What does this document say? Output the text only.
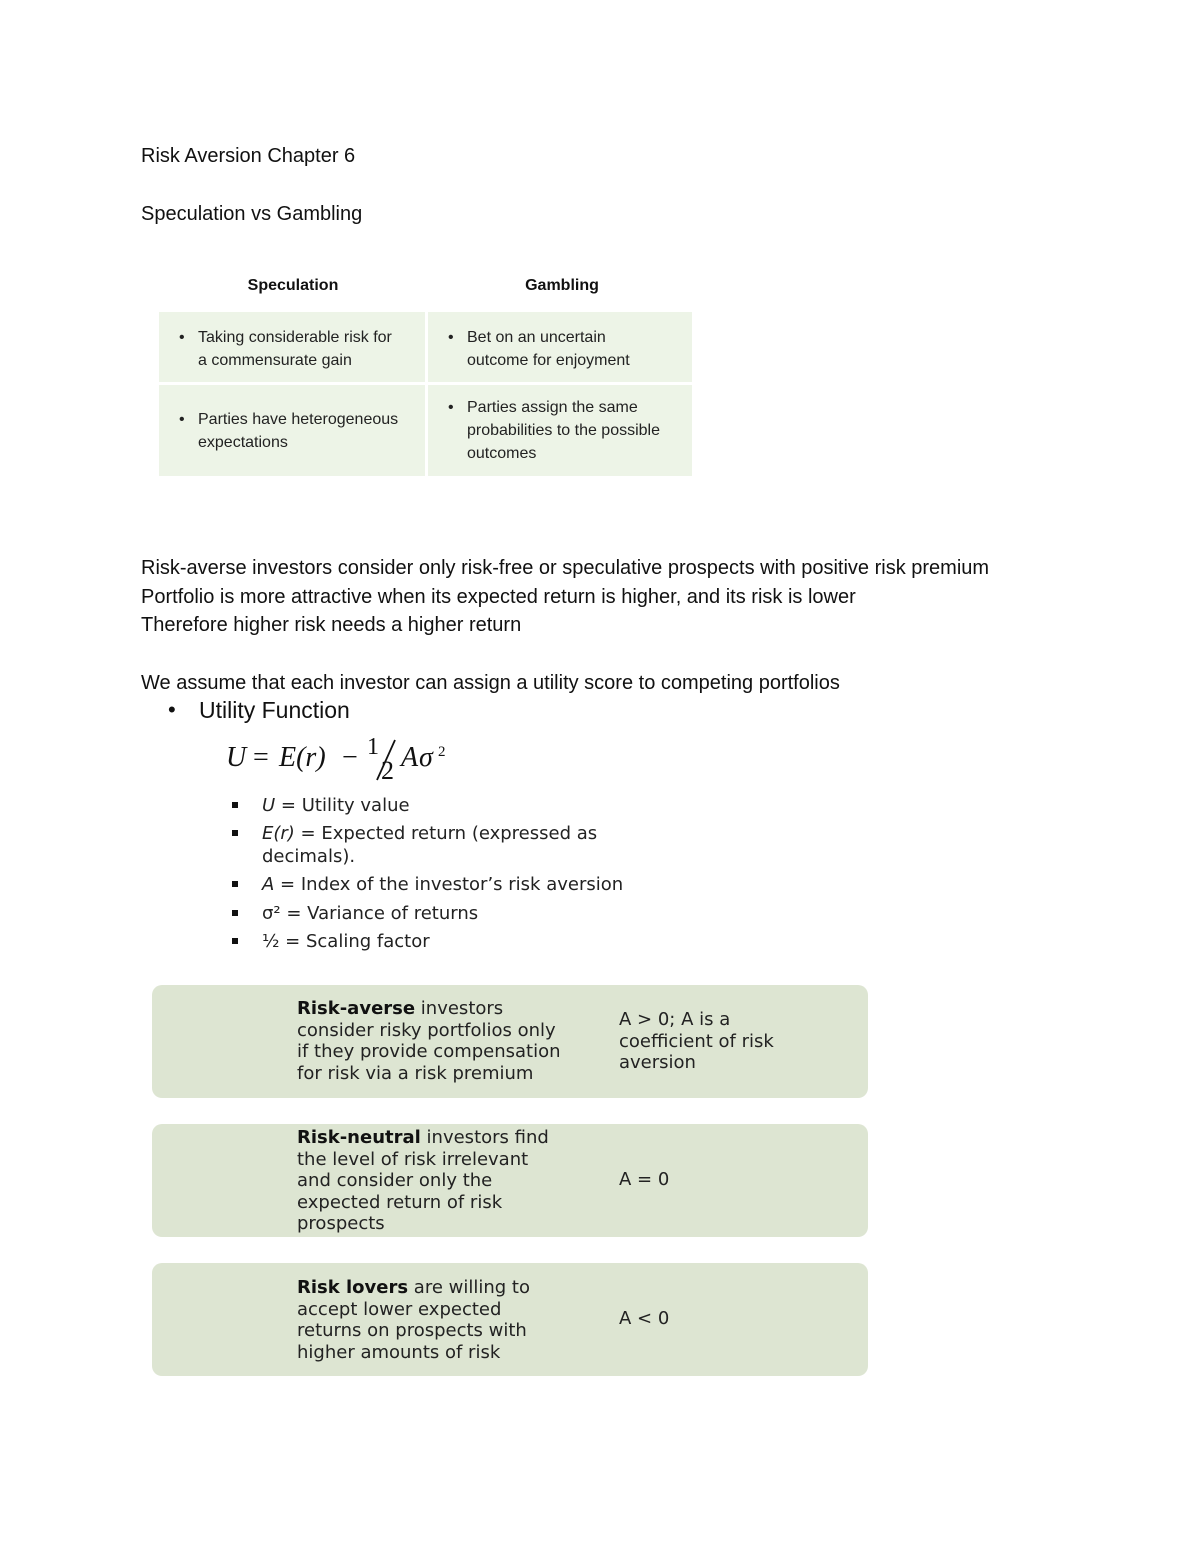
Risk Aversion Chapter 6
Speculation vs Gambling
Speculation	Gambling
• Taking considerable risk for
a commensurate gain
• Bet on an uncertain
outcome for enjoyment
• Parties have heterogeneous
expectations
• Parties assign the same
probabilities to the possible
outcomes
Risk-averse investors consider only risk-free or speculative prospects with positive risk premium
Portfolio is more attractive when its expected return is higher, and its risk is lower
Therefore higher risk needs a higher return
We assume that each investor can assign a utility score to competing portfolios
• Utility Function
U = E(r) − 1
2 A σ 2
U = Utility value
E(r) = Expected return (expressed as
decimals).
A = Index of the investor’s risk aversion
σ² = Variance of returns
½ = Scaling factor
Risk-averse investors
consider risky portfolios only
if they provide compensation
for risk via a risk premium
A > 0; A is a
coefficient of risk
aversion
Risk-neutral investors find
the level of risk irrelevant
and consider only the
expected return of risk
prospects
A = 0
Risk lovers are willing to
accept lower expected
returns on prospects with
higher amounts of risk
A < 0
